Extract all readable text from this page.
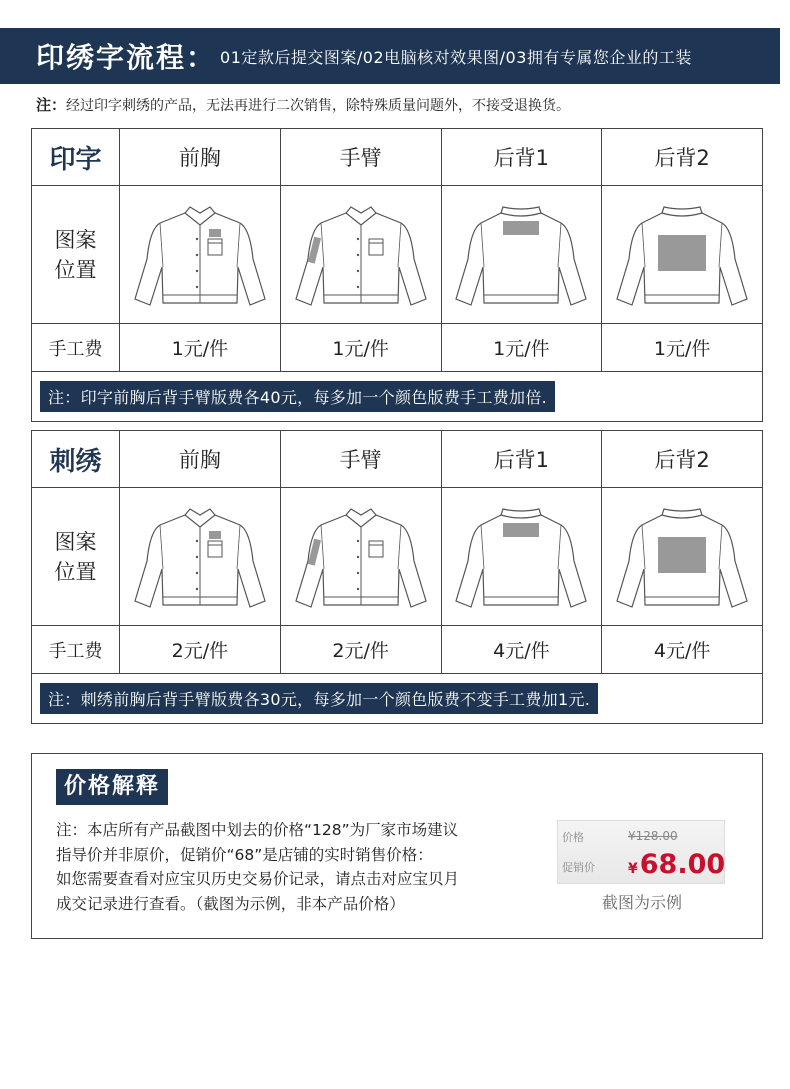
印绣字流程： 01定款后提交图案/02电脑核对效果图/03拥有专属您企业的工装
注：经过印字刺绣的产品，无法再进行二次销售，除特殊质量问题外，不接受退换货。
印字	前胸	手臂	后背1	后背2

图案
位置

手工费	1元/件	1元/件	1元/件	1元/件
注：印字前胸后背手臂版费各40元，每多加一个颜色版费手工费加倍.				
刺绣	前胸	手臂	后背1	后背2

图案
位置

手工费	2元/件	2元/件	4元/件	4元/件
注：刺绣前胸后背手臂版费各30元，每多加一个颜色版费不变手工费加1元.				
价格解释
注：本店所有产品截图中划去的价格“128”为厂家市场建议
指导价并非原价，促销价“68”是店铺的实时销售价格：
如您需要查看对应宝贝历史交易价记录，请点击对应宝贝月
成交记录进行查看。（截图为示例，非本产品价格）
价格	¥128.00
促销价 ¥68.00
截图为示例
